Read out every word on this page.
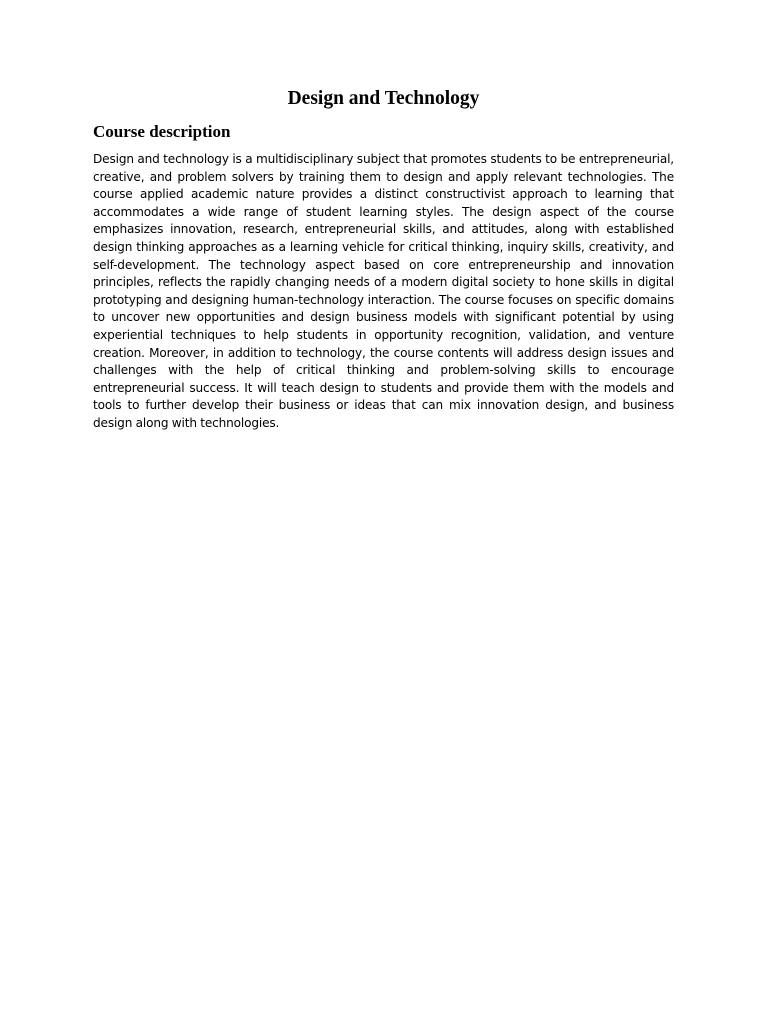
Design and Technology
Course description

Design and technology is a multidisciplinary subject that promotes students to be entrepreneurial, creative, and problem solvers by training them to design and apply relevant technologies. The course applied academic nature provides a distinct constructivist approach to learning that accommodates a wide range of student learning styles. The design aspect of the course emphasizes innovation, research, entrepreneurial skills, and attitudes, along with established design thinking approaches as a learning vehicle for critical thinking, inquiry skills, creativity, and self-development. The technology aspect based on core entrepreneurship and innovation principles, reflects the rapidly changing needs of a modern digital society to hone skills in digital prototyping and designing human-technology interaction. The course focuses on specific domains to uncover new opportunities and design business models with significant potential by using experiential techniques to help students in opportunity recognition, validation, and venture creation. Moreover, in addition to technology, the course contents will address design issues and challenges with the help of critical thinking and problem-solving skills to encourage entrepreneurial success. It will teach design to students and provide them with the models and tools to further develop their business or ideas that can mix innovation design, and business design along with technologies.
